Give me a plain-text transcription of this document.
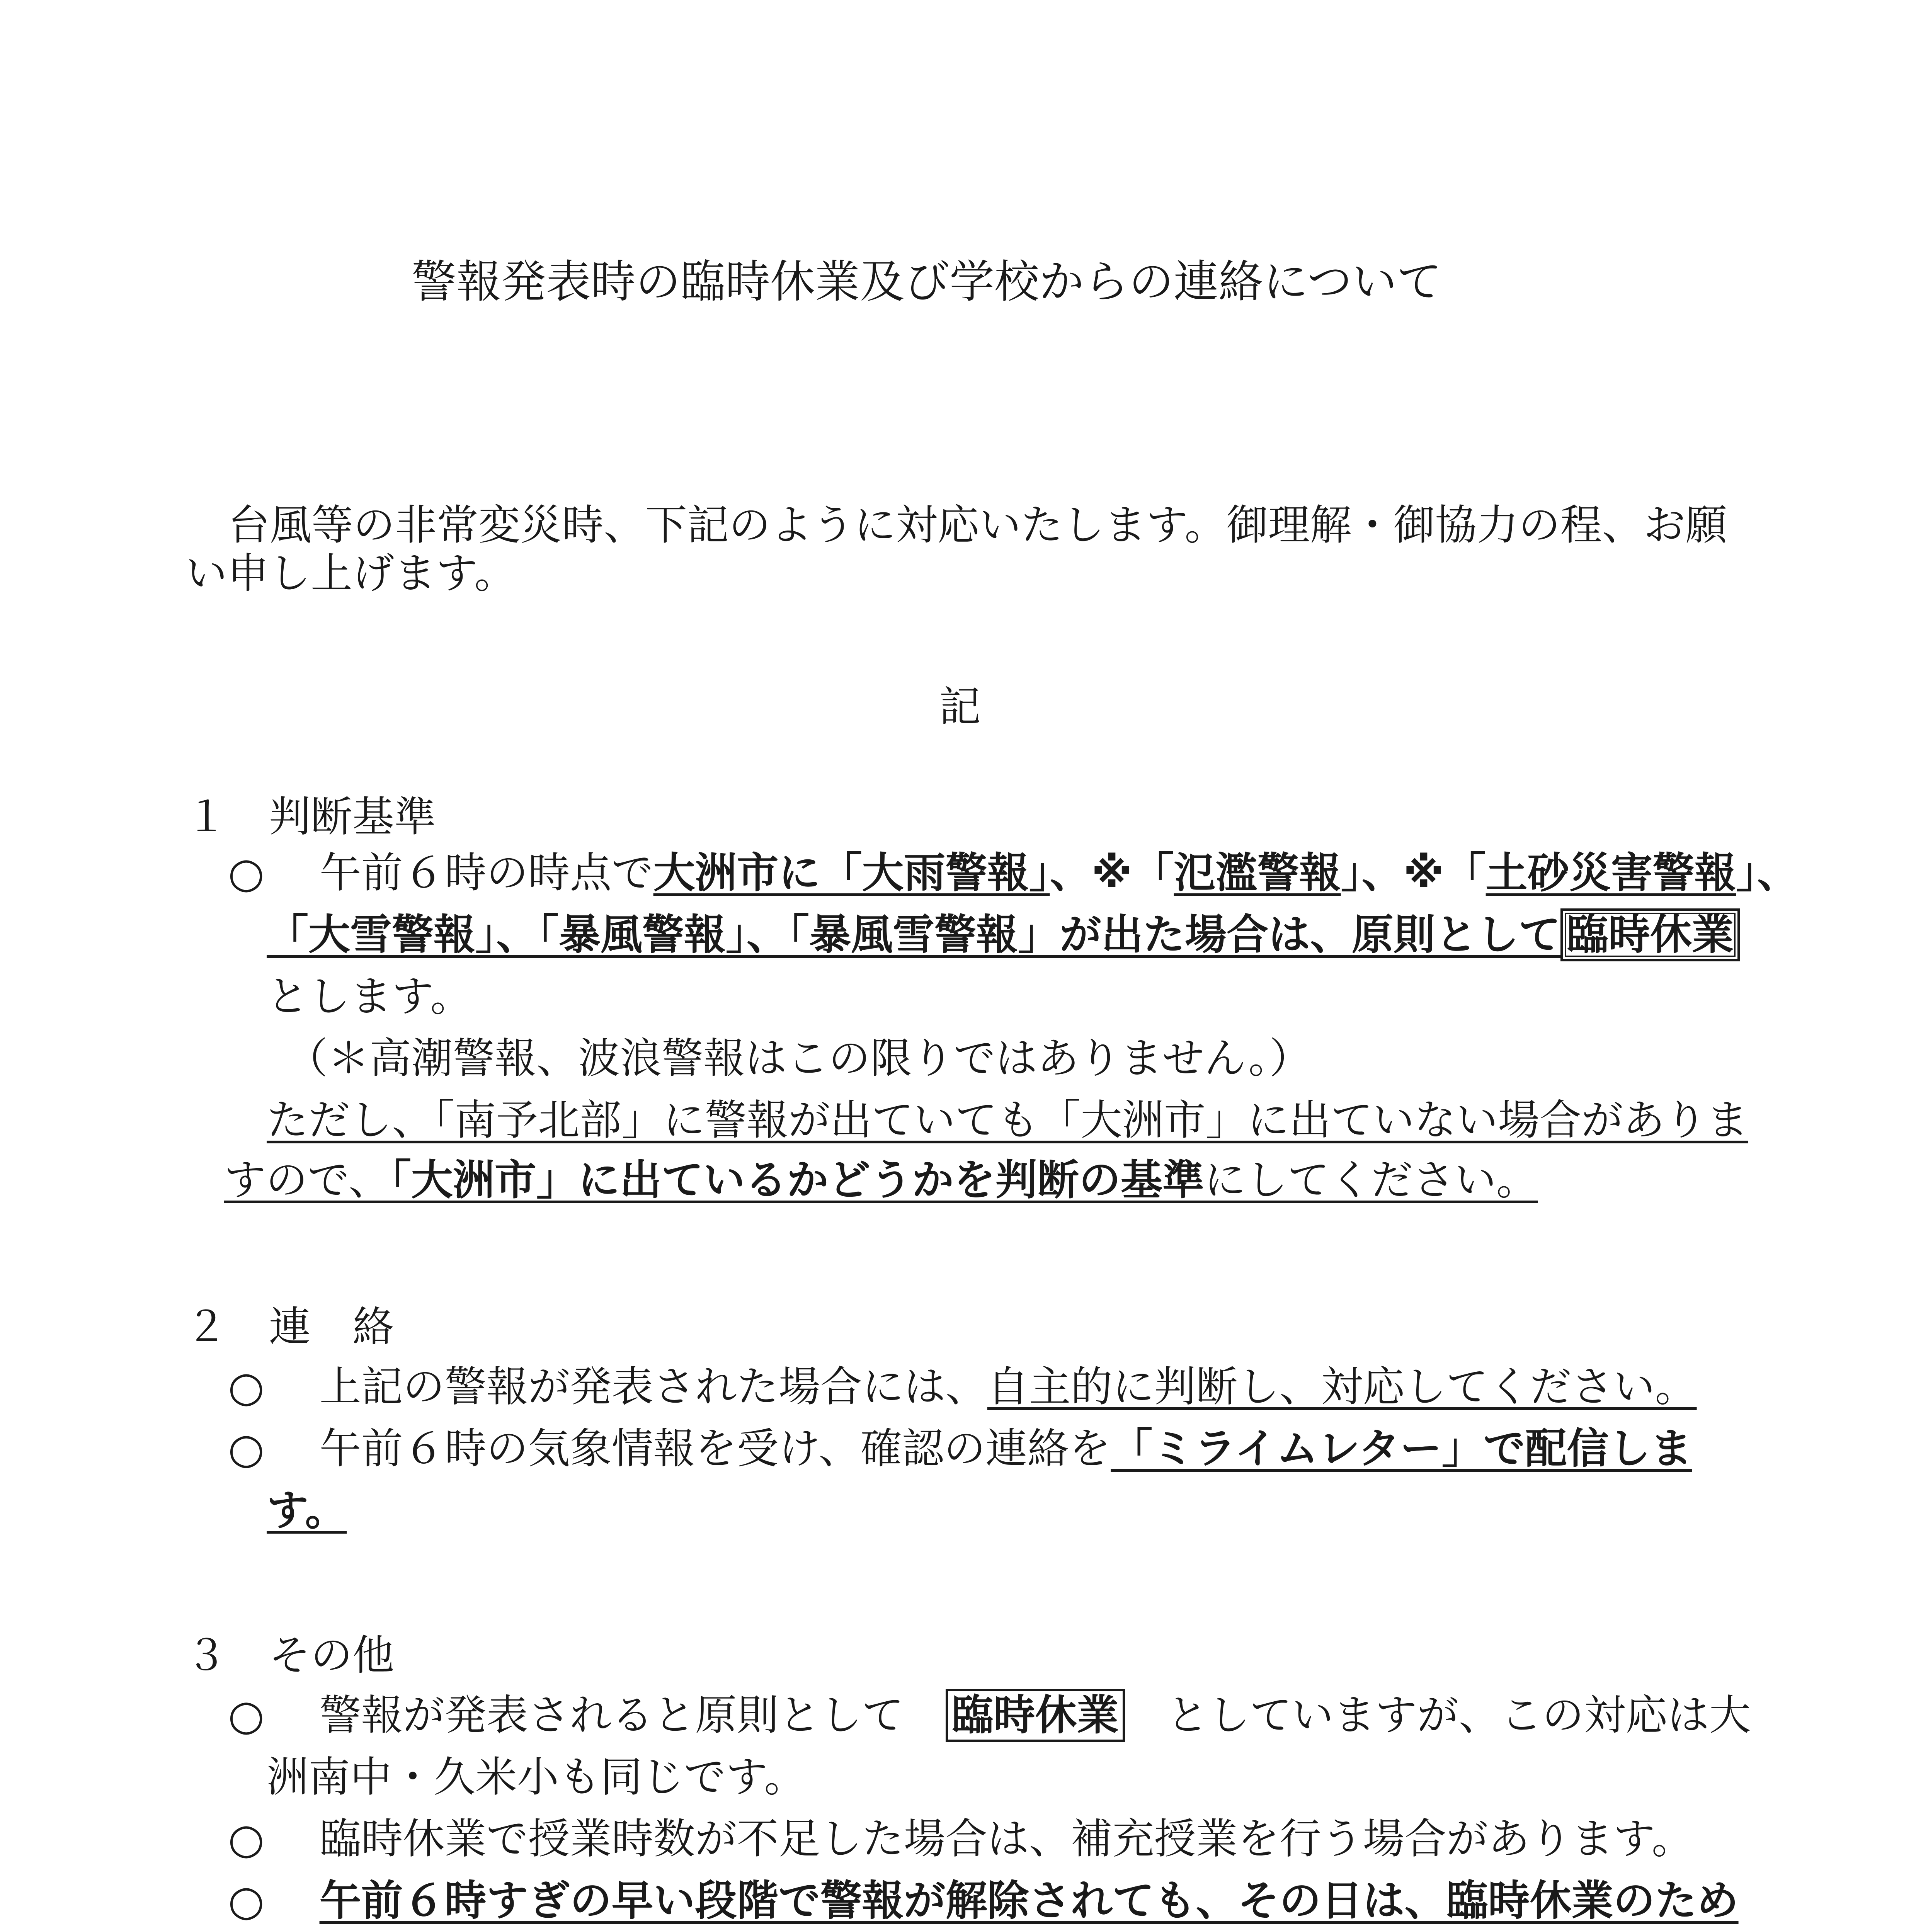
警報発表時の臨時休業及び学校からの連絡について
台風等の非常変災時、下記のように対応いたします。御理解・御協力の程、お願
い申し上げます。
記
１　判断基準
○　 午前６時の時点で大洲市に「大雨警報」、※「氾濫警報」、※「土砂災害警報」、
「大雪警報」、「暴風警報」、「暴風雪警報」が出た場合は、原則として 臨時休業
とします。
（＊高潮警報、波浪警報はこの限りではありません。）
ただし、「南予北部」に警報が出ていても「大洲市」に出ていない場合がありま
すので、「大洲市」に出ているかどうかを判断の基準にしてください。
２　連　絡
○　 上記の警報が発表された場合には、自主的に判断し、対応してください。
○　 午前６時の気象情報を受け、確認の連絡を「ミライムレター」で配信しま
す。
３　その他
○　 警報が発表されると原則として　 臨時休業　 としていますが、この対応は大
洲南中・久米小も同じです。
○　 臨時休業で授業時数が不足した場合は、補充授業を行う場合があります。
○　 午前６時すぎの早い段階で警報が解除されても、その日は、臨時休業のため
